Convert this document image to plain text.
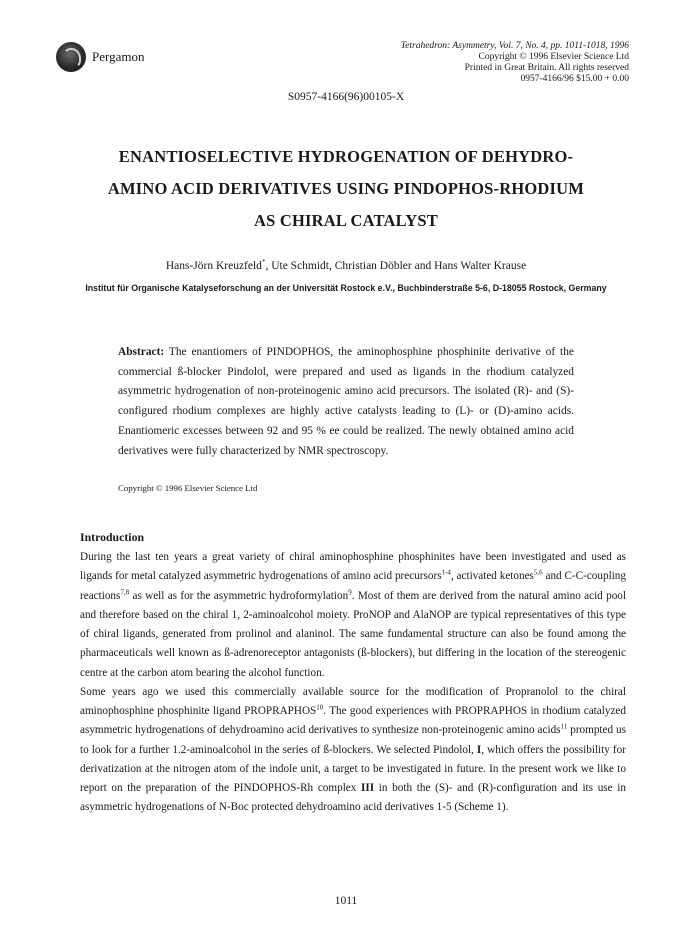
Pergamon
Tetrahedron: Asymmetry, Vol. 7, No. 4, pp. 1011-1018, 1996
Copyright © 1996 Elsevier Science Ltd
Printed in Great Britain. All rights reserved
0957-4166/96 $15.00 + 0.00
S0957-4166(96)00105-X
ENANTIOSELECTIVE HYDROGENATION OF DEHYDRO-
AMINO ACID DERIVATIVES USING PINDOPHOS-RHODIUM
AS CHIRAL CATALYST
Hans-Jörn Kreuzfeld*, Ute Schmidt, Christian Döbler and Hans Walter Krause
Institut für Organische Katalyseforschung an der Universität Rostock e.V., Buchbinderstraße 5-6, D-18055 Rostock, Germany
Abstract: The enantiomers of PINDOPHOS, the aminophosphine phosphinite derivative of the commercial ß-blocker Pindolol, were prepared and used as ligands in the rhodium catalyzed asymmetric hydrogenation of non-proteinogenic amino acid precursors. The isolated (R)- and (S)-configured rhodium complexes are highly active catalysts leading to (L)- or (D)-amino acids. Enantiomeric excesses between 92 and 95 % ee could be realized. The newly obtained amino acid derivatives were fully characterized by NMR spectroscopy.
Copyright © 1996 Elsevier Science Ltd
Introduction

During the last ten years a great variety of chiral aminophosphine phosphinites have been investigated and used as ligands for metal catalyzed asymmetric hydrogenations of amino acid precursors$^{1-4}$, activated ketones$^{5,6}$ and C-C-coupling reactions$^{7,8}$ as well as for the asymmetric hydroformylation$^9$. Most of them are derived from the natural amino acid pool and therefore based on the chiral 1, 2-aminoalcohol moiety. ProNOP and AlaNOP are typical representatives of this type of chiral ligands, generated from prolinol and alaninol. The same fundamental structure can also be found among the pharmaceuticals well known as ß-adrenoreceptor antagonists (ß-blockers), but differing in the location of the stereogenic centre at the carbon atom bearing the alcohol function.

Some years ago we used this commercially available source for the modification of Propranolol to the chiral aminophosphine phosphinite ligand PROPRAPHOS$^{10}$. The good experiences with PROPRAPHOS in rhodium catalyzed asymmetric hydrogenations of dehydroamino acid derivatives to synthesize non-proteinogenic amino acids$^{11}$ prompted us to look for a further 1.2-aminoalcohol in the series of ß-blockers. We selected Pindolol, I, which offers the possibility for derivatization at the nitrogen atom of the indole unit, a target to be investigated in future. In the present work we like to report on the preparation of the PINDOPHOS-Rh complex III in both the (S)- and (R)-configuration and its use in asymmetric hydrogenations of N-Boc protected dehydroamino acid derivatives 1-5 (Scheme 1).

1011
